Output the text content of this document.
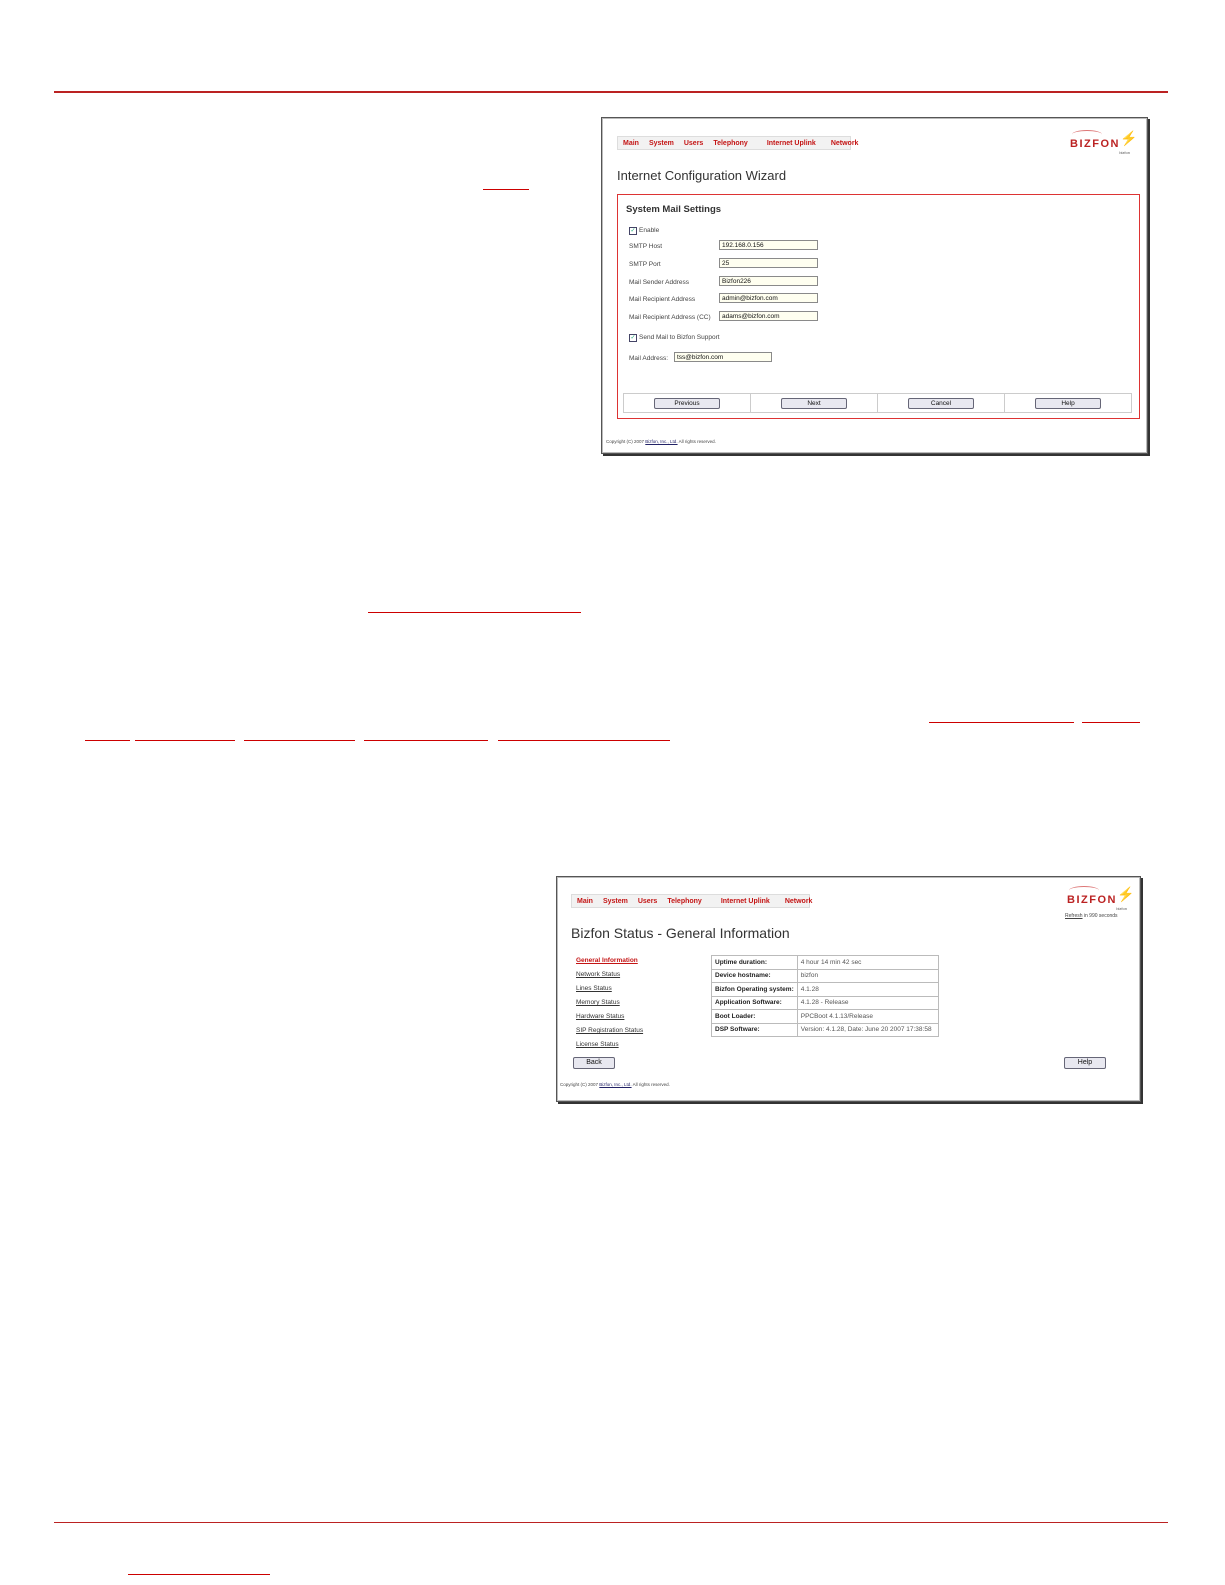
Main	System	Users	Telephony	Internet Uplink	Network	BIZFON ⚡
bizfon
Internet Configuration Wizard
System Mail Settings
✓ Enable
SMTP Host	192.168.0.156
SMTP Port	25
Mail Sender Address	Bizfon226
Mail Recipient Address	admin@bizfon.com
Mail Recipient Address (CC)	adams@bizfon.com
✓ Send Mail to Bizfon Support
Mail Address:	tss@bizfon.com
Previous	Next	Cancel	Help
Copyright (C) 2007 Bizfon, Inc., Ltd. All rights reserved.
Main	System	Users	Telephony	Internet Uplink	Network	BIZFON ⚡
bizfon
Refresh in 990 seconds
Bizfon Status - General Information
General Information
Network Status
Lines Status
Memory Status
Hardware Status
SIP Registration Status
License Status
Uptime duration:	4 hour 14 min 42 sec
Device hostname:	bizfon
Bizfon Operating system:	4.1.28
Application Software:	4.1.28 - Release
Boot Loader:	PPCBoot 4.1.13/Release
DSP Software:	Version: 4.1.28, Date: June 20 2007 17:38:58
Back	Help
Copyright (C) 2007 Bizfon, Inc., Ltd. All rights reserved.
